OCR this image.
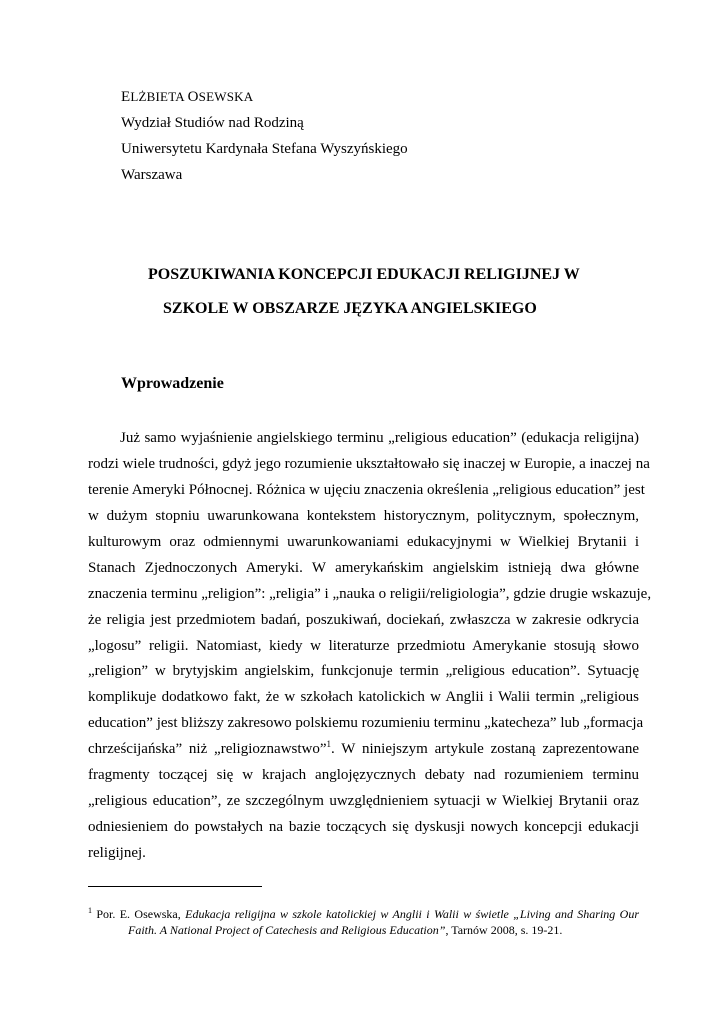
ELŻBIETA OSEWSKA
Wydział Studiów nad Rodziną
Uniwersytetu Kardynała Stefana Wyszyńskiego
Warszawa
POSZUKIWANIA KONCEPCJI EDUKACJI RELIGIJNEJ W
SZKOLE W OBSZARZE JĘZYKA ANGIELSKIEGO
Wprowadzenie
Już samo wyjaśnienie angielskiego terminu „religious education” (edukacja religijna)
rodzi wiele trudności, gdyż jego rozumienie ukształtowało się inaczej w Europie, a inaczej na
terenie Ameryki Północnej. Różnica w ujęciu znaczenia określenia „religious education” jest
w dużym stopniu uwarunkowana kontekstem historycznym, politycznym, społecznym,
kulturowym oraz odmiennymi uwarunkowaniami edukacyjnymi w Wielkiej Brytanii i
Stanach Zjednoczonych Ameryki. W amerykańskim angielskim istnieją dwa główne
znaczenia terminu „religion”: „religia” i „nauka o religii/religiologia”, gdzie drugie wskazuje,
że religia jest przedmiotem badań, poszukiwań, dociekań, zwłaszcza w zakresie odkrycia
„logosu” religii. Natomiast, kiedy w literaturze przedmiotu Amerykanie stosują słowo
„religion” w brytyjskim angielskim, funkcjonuje termin „religious education”. Sytuację
komplikuje dodatkowo fakt, że w szkołach katolickich w Anglii i Walii termin „religious
education” jest bliższy zakresowo polskiemu rozumieniu terminu „katecheza” lub „formacja
chrześcijańska” niż „religioznawstwo”$^1$. W niniejszym artykule zostaną zaprezentowane
fragmenty toczącej się w krajach anglojęzycznych debaty nad rozumieniem terminu
„religious education”, ze szczególnym uwzględnieniem sytuacji w Wielkiej Brytanii oraz
odniesieniem do powstałych na bazie toczących się dyskusji nowych koncepcji edukacji
religijnej.
$^1$ Por. E. Osewska, Edukacja religijna w szkole katolickiej w Anglii i Walii w świetle „Living and Sharing Our
Faith. A National Project of Catechesis and Religious Education”, Tarnów 2008, s. 19-21.
